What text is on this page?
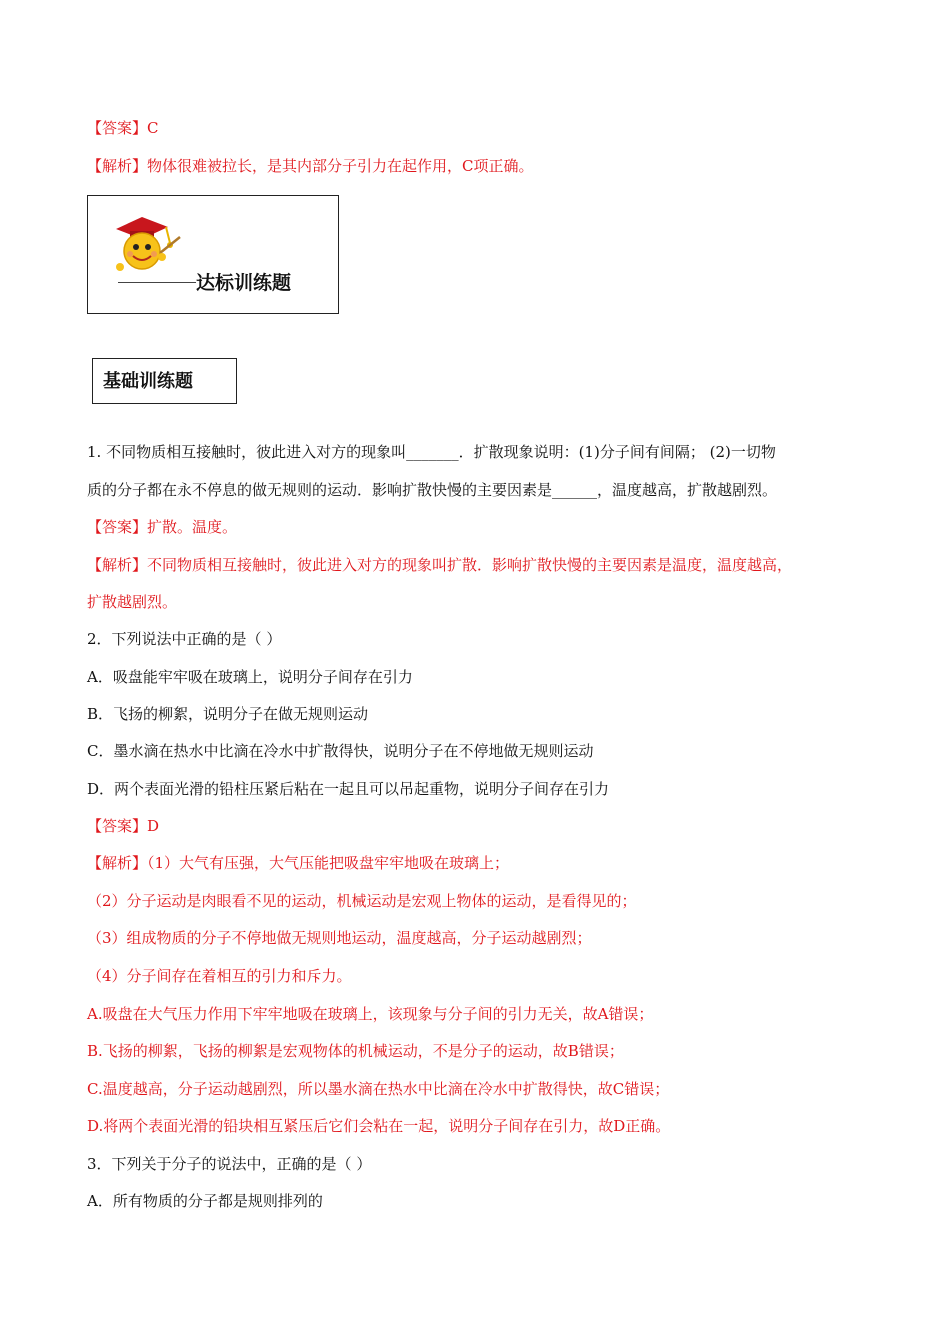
【答案】C
【解析】物体很难被拉长，是其内部分子引力在起作用，C项正确。
达标训练题
基础训练题
1. 不同物质相互接触时，彼此进入对方的现象叫_______．扩散现象说明：(1)分子间有间隔； (2)一切物
质的分子都在永不停息的做无规则的运动．影响扩散快慢的主要因素是______，温度越高，扩散越剧烈。
【答案】扩散。温度。
【解析】不同物质相互接触时，彼此进入对方的现象叫扩散．影响扩散快慢的主要因素是温度，温度越高，
扩散越剧烈。
2．下列说法中正确的是（ ）
A．吸盘能牢牢吸在玻璃上，说明分子间存在引力
B．飞扬的柳絮，说明分子在做无规则运动
C．墨水滴在热水中比滴在冷水中扩散得快，说明分子在不停地做无规则运动
D．两个表面光滑的铅柱压紧后粘在一起且可以吊起重物，说明分子间存在引力
【答案】D
【解析】（1）大气有压强，大气压能把吸盘牢牢地吸在玻璃上；
（2）分子运动是肉眼看不见的运动，机械运动是宏观上物体的运动，是看得见的；
（3）组成物质的分子不停地做无规则地运动，温度越高，分子运动越剧烈；
（4）分子间存在着相互的引力和斥力。
A.吸盘在大气压力作用下牢牢地吸在玻璃上，该现象与分子间的引力无关，故A错误；
B.飞扬的柳絮，飞扬的柳絮是宏观物体的机械运动，不是分子的运动，故B错误；
C.温度越高，分子运动越剧烈，所以墨水滴在热水中比滴在冷水中扩散得快，故C错误；
D.将两个表面光滑的铅块相互紧压后它们会粘在一起，说明分子间存在引力，故D正确。
3．下列关于分子的说法中，正确的是（ ）
A．所有物质的分子都是规则排列的
